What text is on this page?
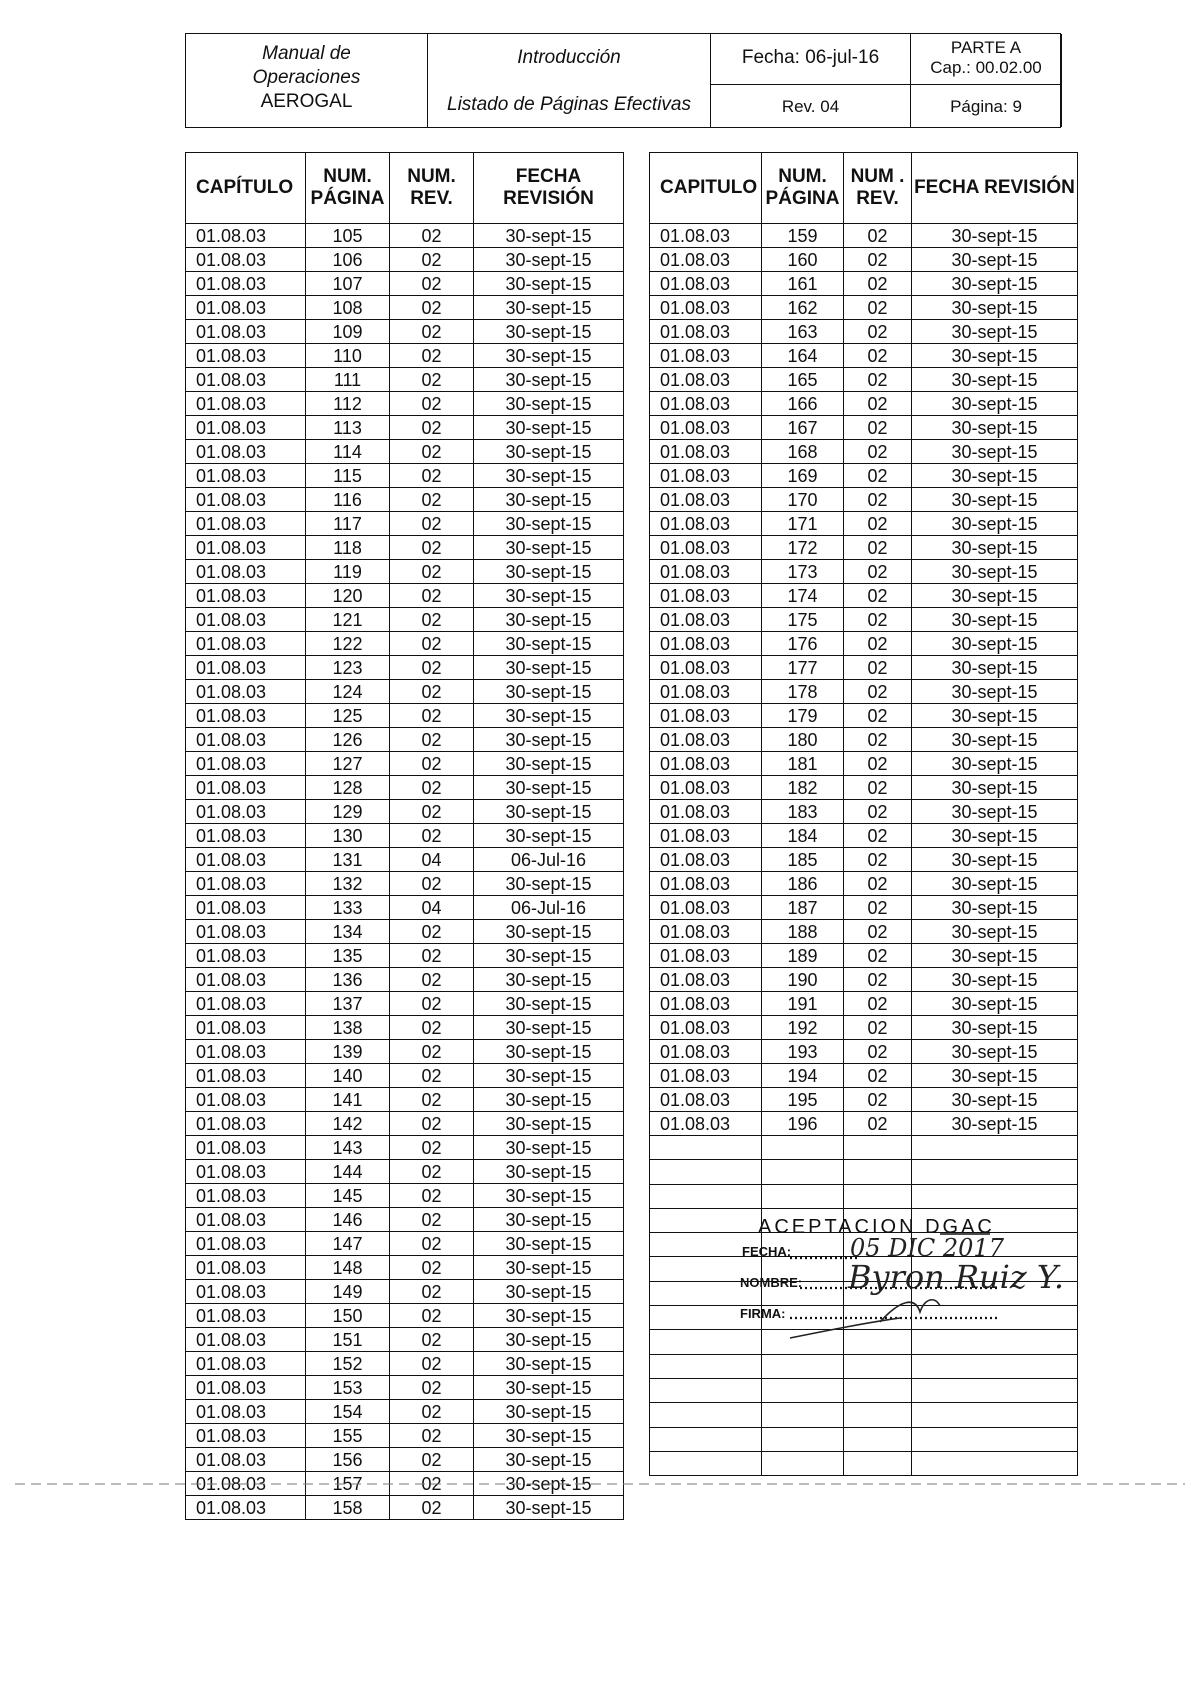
Manual de
Operaciones
AEROGAL
Introducción
Listado de Páginas Efectivas
Fecha: 06-jul-16
Rev. 04
PARTE A
Cap.: 00.02.00
Página: 9
CAPÍTULO	NUM. PÁGINA	NUM. REV.	FECHA REVISIÓN
01.08.03	105	02	30-sept-15
01.08.03	106	02	30-sept-15
01.08.03	107	02	30-sept-15
01.08.03	108	02	30-sept-15
01.08.03	109	02	30-sept-15
01.08.03	110	02	30-sept-15
01.08.03	111	02	30-sept-15
01.08.03	112	02	30-sept-15
01.08.03	113	02	30-sept-15
01.08.03	114	02	30-sept-15
01.08.03	115	02	30-sept-15
01.08.03	116	02	30-sept-15
01.08.03	117	02	30-sept-15
01.08.03	118	02	30-sept-15
01.08.03	119	02	30-sept-15
01.08.03	120	02	30-sept-15
01.08.03	121	02	30-sept-15
01.08.03	122	02	30-sept-15
01.08.03	123	02	30-sept-15
01.08.03	124	02	30-sept-15
01.08.03	125	02	30-sept-15
01.08.03	126	02	30-sept-15
01.08.03	127	02	30-sept-15
01.08.03	128	02	30-sept-15
01.08.03	129	02	30-sept-15
01.08.03	130	02	30-sept-15
01.08.03	131	04	06-Jul-16
01.08.03	132	02	30-sept-15
01.08.03	133	04	06-Jul-16
01.08.03	134	02	30-sept-15
01.08.03	135	02	30-sept-15
01.08.03	136	02	30-sept-15
01.08.03	137	02	30-sept-15
01.08.03	138	02	30-sept-15
01.08.03	139	02	30-sept-15
01.08.03	140	02	30-sept-15
01.08.03	141	02	30-sept-15
01.08.03	142	02	30-sept-15
01.08.03	143	02	30-sept-15
01.08.03	144	02	30-sept-15
01.08.03	145	02	30-sept-15
01.08.03	146	02	30-sept-15
01.08.03	147	02	30-sept-15
01.08.03	148	02	30-sept-15
01.08.03	149	02	30-sept-15
01.08.03	150	02	30-sept-15
01.08.03	151	02	30-sept-15
01.08.03	152	02	30-sept-15
01.08.03	153	02	30-sept-15
01.08.03	154	02	30-sept-15
01.08.03	155	02	30-sept-15
01.08.03	156	02	30-sept-15
01.08.03	157	02	30-sept-15
01.08.03	158	02	30-sept-15
CAPITULO	NUM. PÁGINA	NUM . REV.	FECHA REVISIÓN
01.08.03	159	02	30-sept-15
01.08.03	160	02	30-sept-15
01.08.03	161	02	30-sept-15
01.08.03	162	02	30-sept-15
01.08.03	163	02	30-sept-15
01.08.03	164	02	30-sept-15
01.08.03	165	02	30-sept-15
01.08.03	166	02	30-sept-15
01.08.03	167	02	30-sept-15
01.08.03	168	02	30-sept-15
01.08.03	169	02	30-sept-15
01.08.03	170	02	30-sept-15
01.08.03	171	02	30-sept-15
01.08.03	172	02	30-sept-15
01.08.03	173	02	30-sept-15
01.08.03	174	02	30-sept-15
01.08.03	175	02	30-sept-15
01.08.03	176	02	30-sept-15
01.08.03	177	02	30-sept-15
01.08.03	178	02	30-sept-15
01.08.03	179	02	30-sept-15
01.08.03	180	02	30-sept-15
01.08.03	181	02	30-sept-15
01.08.03	182	02	30-sept-15
01.08.03	183	02	30-sept-15
01.08.03	184	02	30-sept-15
01.08.03	185	02	30-sept-15
01.08.03	186	02	30-sept-15
01.08.03	187	02	30-sept-15
01.08.03	188	02	30-sept-15
01.08.03	189	02	30-sept-15
01.08.03	190	02	30-sept-15
01.08.03	191	02	30-sept-15
01.08.03	192	02	30-sept-15
01.08.03	193	02	30-sept-15
01.08.03	194	02	30-sept-15
01.08.03	195	02	30-sept-15
01.08.03	196	02	30-sept-15

ACEPTACION DGAC
FECHA:
NOMBRE:
FIRMA:
05 DIC 2017
Byron Ruiz Y.
